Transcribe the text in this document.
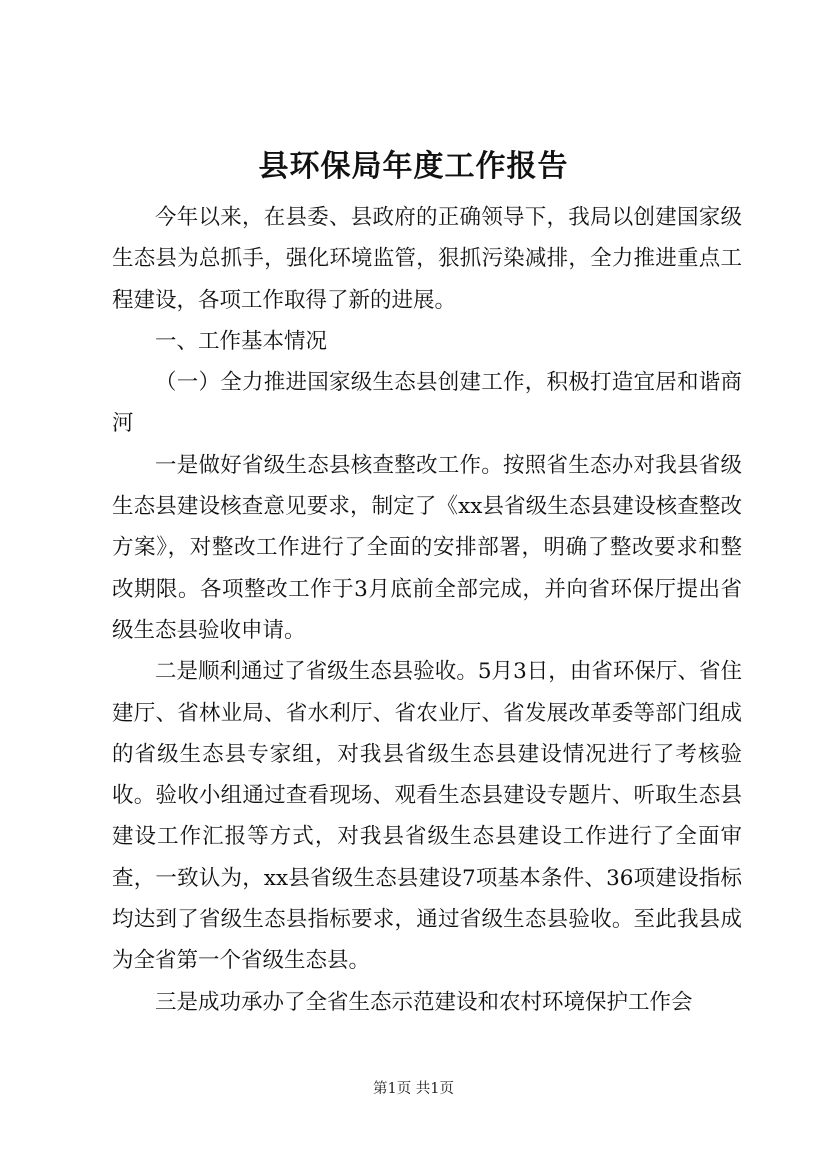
县环保局年度工作报告

今年以来，在县委、县政府的正确领导下，我局以创建国家级生态县为总抓手，强化环境监管，狠抓污染减排，全力推进重点工程建设，各项工作取得了新的进展。

一、工作基本情况

（一）全力推进国家级生态县创建工作，积极打造宜居和谐商河

一是做好省级生态县核查整改工作。按照省生态办对我县省级生态县建设核查意见要求，制定了《xx县省级生态县建设核查整改方案》，对整改工作进行了全面的安排部署，明确了整改要求和整改期限。各项整改工作于3月底前全部完成，并向省环保厅提出省级生态县验收申请。

二是顺利通过了省级生态县验收。5月3日，由省环保厅、省住建厅、省林业局、省水利厅、省农业厅、省发展改革委等部门组成的省级生态县专家组，对我县省级生态县建设情况进行了考核验收。验收小组通过查看现场、观看生态县建设专题片、听取生态县建设工作汇报等方式，对我县省级生态县建设工作进行了全面审查，一致认为，xx县省级生态县建设7项基本条件、36项建设指标均达到了省级生态县指标要求，通过省级生态县验收。至此我县成为全省第一个省级生态县。

三是成功承办了全省生态示范建设和农村环境保护工作会

第1页 共1页
